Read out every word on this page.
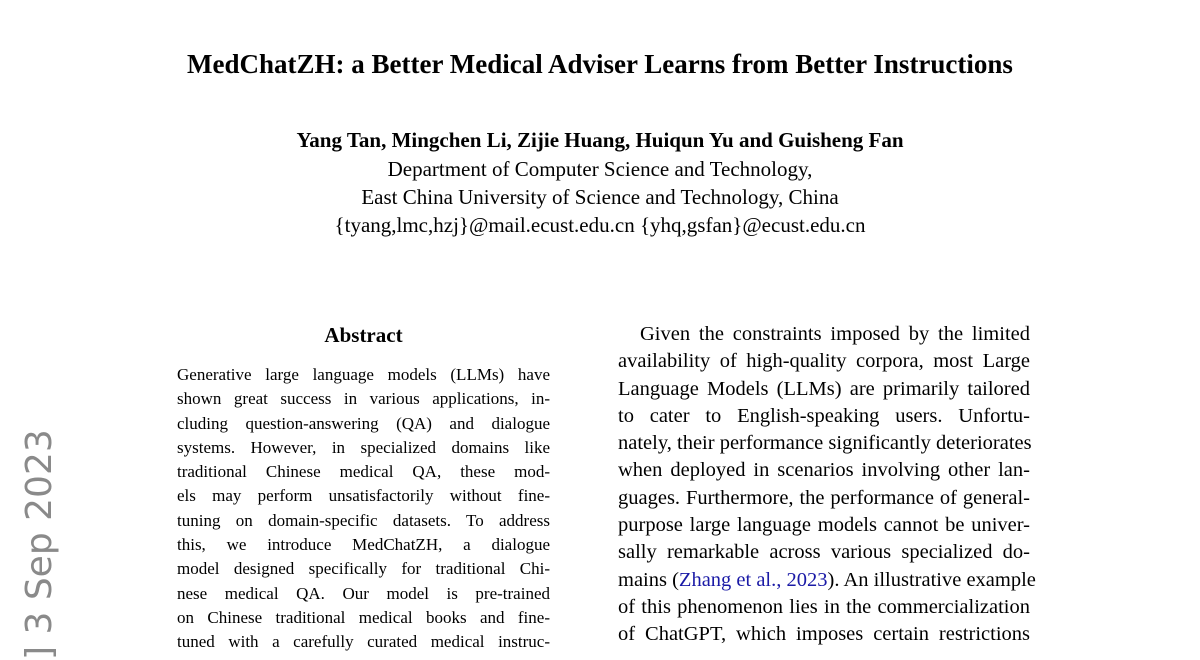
MedChatZH: a Better Medical Adviser Learns from Better Instructions
Yang Tan, Mingchen Li, Zijie Huang, Huiqun Yu and Guisheng Fan
Department of Computer Science and Technology,
East China University of Science and Technology, China
{tyang,lmc,hzj}@mail.ecust.edu.cn {yhq,gsfan}@ecust.edu.cn
] 3 Sep 2023
Abstract
Generative large language models (LLMs) have
shown great success in various applications, in-
cluding question-answering (QA) and dialogue
systems. However, in specialized domains like
traditional Chinese medical QA, these mod-
els may perform unsatisfactorily without fine-
tuning on domain-specific datasets. To address
this, we introduce MedChatZH, a dialogue
model designed specifically for traditional Chi-
nese medical QA. Our model is pre-trained
on Chinese traditional medical books and fine-
tuned with a carefully curated medical instruc-
Given the constraints imposed by the limited
availability of high-quality corpora, most Large
Language Models (LLMs) are primarily tailored
to cater to English-speaking users. Unfortu-
nately, their performance significantly deteriorates
when deployed in scenarios involving other lan-
guages. Furthermore, the performance of general-
purpose large language models cannot be univer-
sally remarkable across various specialized do-
mains (Zhang et al., 2023). An illustrative example
of this phenomenon lies in the commercialization
of ChatGPT, which imposes certain restrictions
